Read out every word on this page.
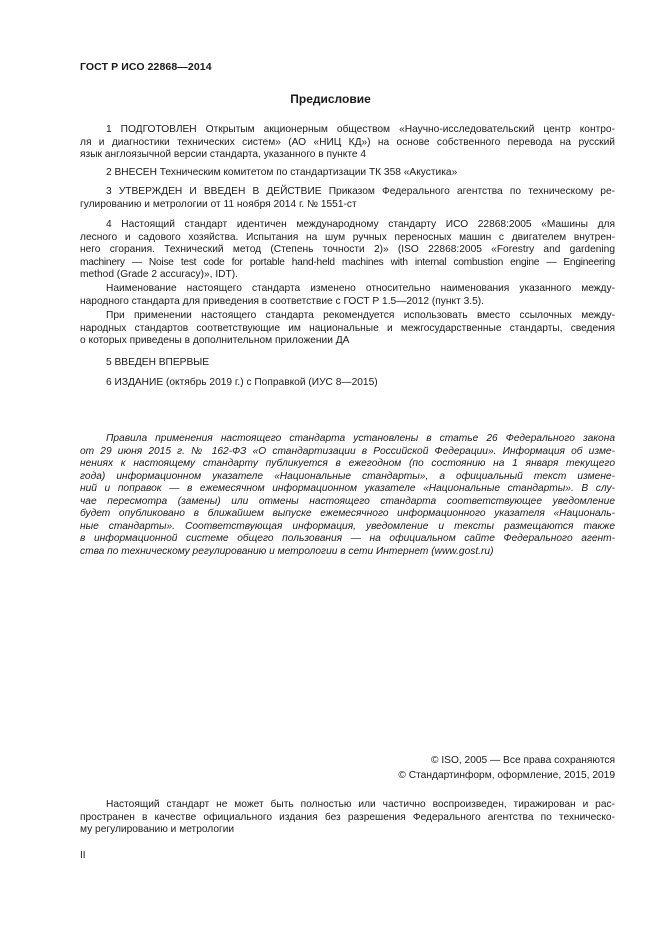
ГОСТ Р ИСО 22868—2014
Предисловие
1 ПОДГОТОВЛЕН Открытым акционерным обществом «Научно-исследовательский центр контро-
ля и диагностики технических систем» (АО «НИЦ КД») на основе собственного перевода на русский
язык англоязычной версии стандарта, указанного в пункте 4
2 ВНЕСЕН Техническим комитетом по стандартизации ТК 358 «Акустика»
3 УТВЕРЖДЕН И ВВЕДЕН В ДЕЙСТВИЕ Приказом Федерального агентства по техническому ре-
гулированию и метрологии от 11 ноября 2014 г. № 1551-ст
4 Настоящий стандарт идентичен международному стандарту ИСО 22868:2005 «Машины для
лесного и садового хозяйства. Испытания на шум ручных переносных машин с двигателем внутрен-
него сгорания. Технический метод (Степень точности 2)» (ISO 22868:2005 «Forestry and gardening
machinery — Noise test code for portable hand-held machines with internal combustion engine — Engineering
method (Grade 2 accuracy)», IDT).
Наименование настоящего стандарта изменено относительно наименования указанного между-
народного стандарта для приведения в соответствие с ГОСТ Р 1.5—2012 (пункт 3.5).
При применении настоящего стандарта рекомендуется использовать вместо ссылочных между-
народных стандартов соответствующие им национальные и межгосударственные стандарты, сведения
о которых приведены в дополнительном приложении ДА
5 ВВЕДЕН ВПЕРВЫЕ
6 ИЗДАНИЕ (октябрь 2019 г.) с Поправкой (ИУС 8—2015)
Правила применения настоящего стандарта установлены в статье 26 Федерального закона
от 29 июня 2015 г. № 162-ФЗ «О стандартизации в Российской Федерации». Информация об изме-
нениях к настоящему стандарту публикуется в ежегодном (по состоянию на 1 января текущего
года) информационном указателе «Национальные стандарты», а официальный текст измене-
ний и поправок — в ежемесячном информационном указателе «Национальные стандарты». В слу-
чае пересмотра (замены) или отмены настоящего стандарта соответствующее уведомление
будет опубликовано в ближайшем выпуске ежемесячного информационного указателя «Националь-
ные стандарты». Соответствующая информация, уведомление и тексты размещаются также
в информационной системе общего пользования — на официальном сайте Федерального агент-
ства по техническому регулированию и метрологии в сети Интернет (www.gost.ru)
© ISO, 2005 — Все права сохраняются
© Стандартинформ, оформление, 2015, 2019
Настоящий стандарт не может быть полностью или частично воспроизведен, тиражирован и рас-
пространен в качестве официального издания без разрешения Федерального агентства по техническо-
му регулированию и метрологии
II
